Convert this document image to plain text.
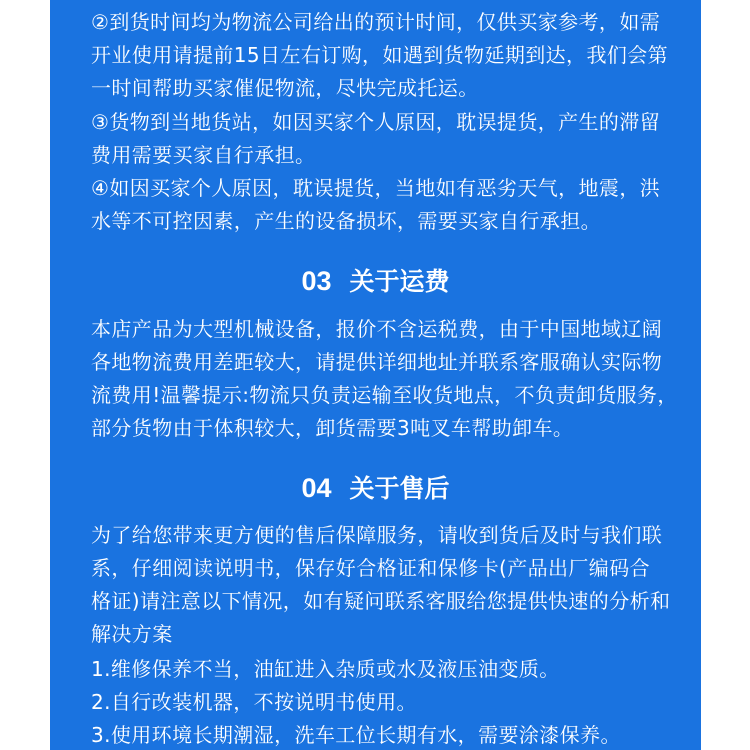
②到货时间均为物流公司给出的预计时间，仅供买家参考，如需
开业使用请提前15日左右订购，如遇到货物延期到达，我们会第
一时间帮助买家催促物流，尽快完成托运。
③货物到当地货站，如因买家个人原因，耽误提货，产生的滞留
费用需要买家自行承担。
④如因买家个人原因，耽误提货，当地如有恶劣天气，地震，洪
水等不可控因素，产生的设备损坏，需要买家自行承担。
03 关于运费
本店产品为大型机械设备，报价不含运税费，由于中国地域辽阔
各地物流费用差距较大，请提供详细地址并联系客服确认实际物
流费用!温馨提示:物流只负责运输至收货地点，不负责卸货服务，
部分货物由于体积较大，卸货需要3吨叉车帮助卸车。
04 关于售后
为了给您带来更方便的售后保障服务，请收到货后及时与我们联
系，仔细阅读说明书，保存好合格证和保修卡(产品出厂编码合
格证)请注意以下情况，如有疑问联系客服给您提供快速的分析和
解决方案
1.维修保养不当，油缸进入杂质或水及液压油变质。
2.自行改装机器，不按说明书使用。
3.使用环境长期潮湿，洗车工位长期有水，需要涂漆保养。
